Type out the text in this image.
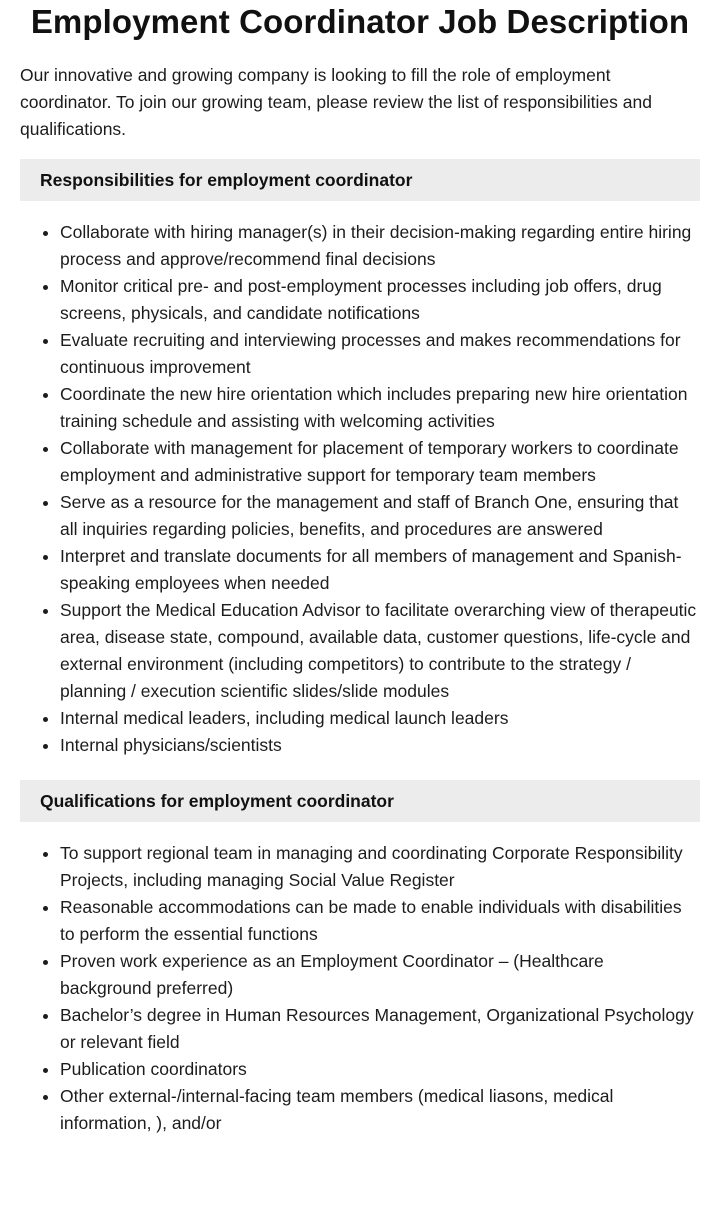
Employment Coordinator Job Description

Our innovative and growing company is looking to fill the role of employment coordinator. To join our growing team, please review the list of responsibilities and qualifications.

Responsibilities for employment coordinator
• Collaborate with hiring manager(s) in their decision-making regarding entire hiring process and approve/recommend final decisions
• Monitor critical pre- and post-employment processes including job offers, drug screens, physicals, and candidate notifications
• Evaluate recruiting and interviewing processes and makes recommendations for continuous improvement
• Coordinate the new hire orientation which includes preparing new hire orientation training schedule and assisting with welcoming activities
• Collaborate with management for placement of temporary workers to coordinate employment and administrative support for temporary team members
• Serve as a resource for the management and staff of Branch One, ensuring that all inquiries regarding policies, benefits, and procedures are answered
• Interpret and translate documents for all members of management and Spanish-speaking employees when needed
• Support the Medical Education Advisor to facilitate overarching view of therapeutic area, disease state, compound, available data, customer questions, life-cycle and external environment (including competitors) to contribute to the strategy / planning / execution scientific slides/slide modules
• Internal medical leaders, including medical launch leaders
• Internal physicians/scientists
Qualifications for employment coordinator
• To support regional team in managing and coordinating Corporate Responsibility Projects, including managing Social Value Register
• Reasonable accommodations can be made to enable individuals with disabilities to perform the essential functions
• Proven work experience as an Employment Coordinator – (Healthcare background preferred)
• Bachelor’s degree in Human Resources Management, Organizational Psychology or relevant field
• Publication coordinators
• Other external-/internal-facing team members (medical liasons, medical information, ), and/or
